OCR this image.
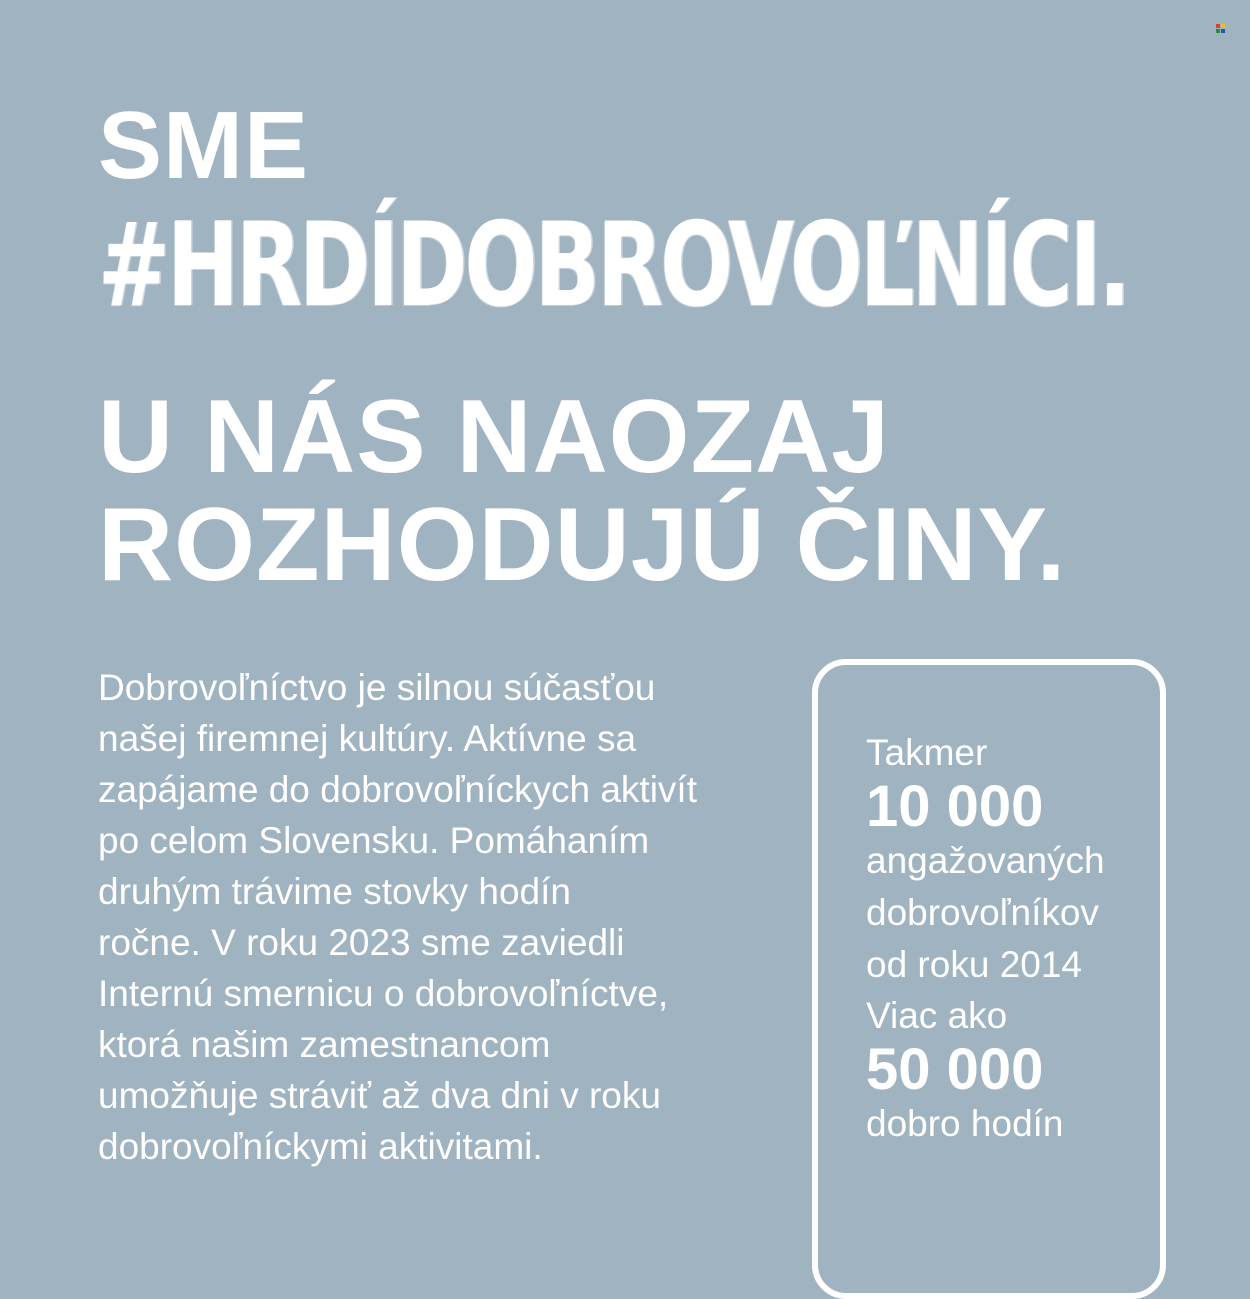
SME
#HRDÍDOBROVOĽNÍCI.
U NÁS NAOZAJ
ROZHODUJÚ ČINY.

Dobrovoľníctvo je silnou súčasťou

našej firemnej kultúry. Aktívne sa

zapájame do dobrovoľníckych aktivít

po celom Slovensku. Pomáhaním

druhým trávime stovky hodín

ročne. V roku 2023 sme zaviedli

Internú smernicu o dobrovoľníctve,

ktorá našim zamestnancom

umožňuje stráviť až dva dni v roku

dobrovoľníckymi aktivitami.

Takmer
10 000
angažovaných
dobrovoľníkov
od roku 2014
Viac ako
50 000
dobro hodín
